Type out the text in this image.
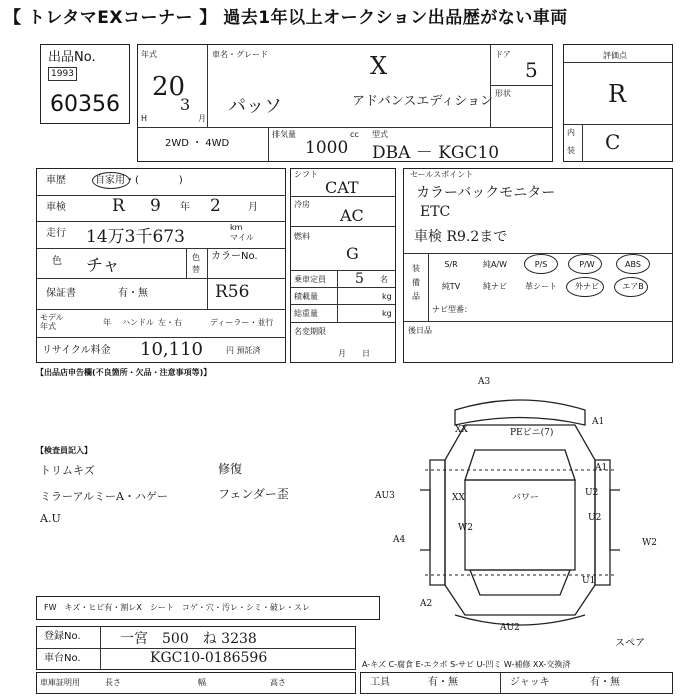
【 トレタマEXコーナー 】 過去1年以上オークション出品歴がない車両
出品No.
1993
60356
年式
20
3
月
H
車名・グレード	X
パッソ	アドバンスエディション
ドア
5
形状
2WD ・ 4WD
排気量	cc
1000
型式
DBA － KGC10
評価点
R
内
装 C
車歴	自家用・(　　　　)
車検	R 9 年 2	月
走行 14万3千673	km
マイル
色 チャ	色
替
カラーNo.
R56
保証書	有・無
モデル
年式	年 ハンドル 左・右	ディーラー・並行
リサイクル料金 10,110	円 預託済
シフト
CAT
冷房
AC
燃料
G
乗車定員 5 名
積載量	kg
総重量	kg
名変期限
月　　日
セールスポイント
カラーバックモニター
ETC
車検 R9.2まで
装
備
品
S/R	純A/W	P/S	P/W	ABS
純TV	純ナビ	革シート	外ナビ	エアB
ナビ型番：
後日品
【出品店申告欄(不良箇所・欠品・注意事項等)】
【検査員記入】
トリムキズ
ミラーアルミーA・ハゲー
A.U
修復
フェンダー歪
A3
A1
XX	PEビニ(7)
A1
U2
AU3	XX	バワー
U2
A4
W2
W2
U1
A2
AU2
FW　キズ・ヒビ有・割レX　シート　コゲ・穴・汚レ・シミ・破レ・スレ
登録No.	一宮　500　ね 3238
車台No.	KGC10-0186596
車庫証明用	長さ	幅	高さ
スペア
A-キズ C-腐食 E-エクボ S-サビ U-凹ミ W-補修 XX-交換済
工具	有・無	ジャッキ	有・無
